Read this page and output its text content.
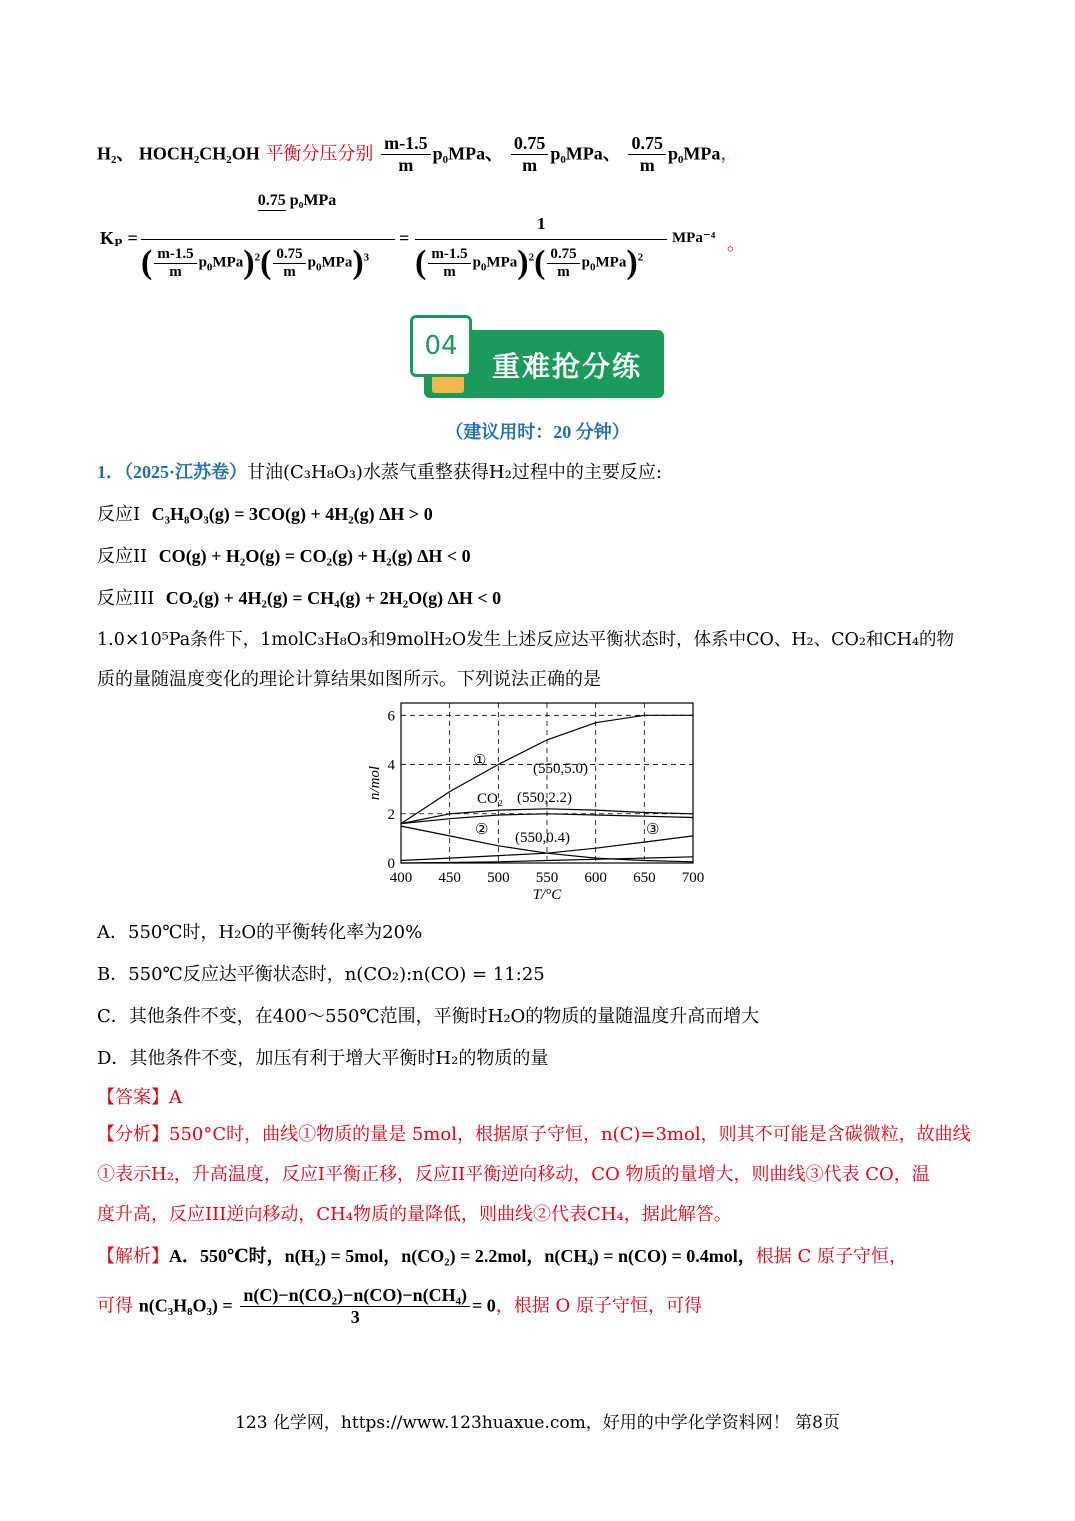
H₂、 HOCH₂CH₂OH 平衡分压分别 $\frac{m-1.5}{m} p_0MPa$、 $\frac{0.75}{m} p_0MPa$、 $\frac{0.75}{m} p_0MPa$，
Kₚ =
0.75 p₀MPa
( $\frac{m-1.5}{m} p_0MPa)^2( \frac{0.75}{m} p_0MPa)^3$
=
1
( $\frac{m-1.5}{m} p_0MPa)^2( \frac{0.75}{m} p_0MPa)^2$
MPa⁻⁴ 。
04
重难抢分练
（建议用时：20 分钟）
1．（2025·江苏卷）甘油(C₃H₈O₃)水蒸气重整获得H₂过程中的主要反应:
反应I C₃H₈O₃(g) = 3CO(g) + 4H₂(g) ΔH > 0
反应II CO(g) + H₂O(g) = CO₂(g) + H₂(g) ΔH < 0
反应III CO₂(g) + 4H₂(g) = CH₄(g) + 2H₂O(g) ΔH < 0
1.0×10⁵Pa条件下，1molC₃H₈O₃和9molH₂O发生上述反应达平衡状态时，体系中CO、H₂、CO₂和CH₄的物
质的量随温度变化的理论计算结果如图所示。下列说法正确的是
400 450 500 550 600 650 700
0
2
4
6
T/°C
n/mol
①
CO₂
②	③
(550,5.0)
(550,2.2)
(550,0.4)
A．550℃时，H₂O的平衡转化率为20%
B．550℃反应达平衡状态时，n(CO₂):n(CO) = 11:25
C．其他条件不变，在400～550℃范围，平衡时H₂O的物质的量随温度升高而增大
D．其他条件不变，加压有利于增大平衡时H₂的物质的量
【答案】A
【分析】550°C时，曲线①物质的量是 5mol，根据原子守恒，n(C)=3mol，则其不可能是含碳微粒，故曲线
①表示H₂，升高温度，反应I平衡正移，反应II平衡逆向移动，CO 物质的量增大，则曲线③代表 CO，温
度升高，反应III逆向移动，CH₄物质的量降低，则曲线②代表CH₄，据此解答。
【解析】A．550℃时，n(H₂) = 5mol，n(CO₂) = 2.2mol，n(CH₄) = n(CO) = 0.4mol，根据 C 原子守恒，
可得 $n(C_3H_8O_3) = \frac{\text{n(C)−n(CO₂)−n(CO)−n(CH₄)}}{3} = 0$，根据 O 原子守恒，可得
123 化学网，https://www.123huaxue.com，好用的中学化学资料网！ 第8页
